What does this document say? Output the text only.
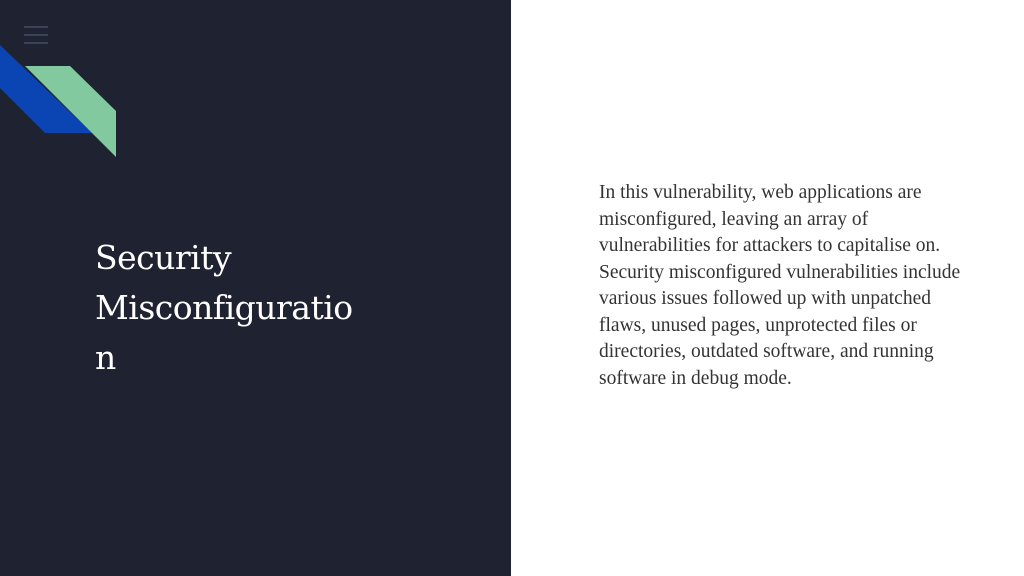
Security
Misconfiguratio
n

In this vulnerability, web applications are misconfigured, leaving an array of vulnerabilities for attackers to capitalise on. Security misconfigured vulnerabilities include various issues followed up with unpatched flaws, unused pages, unprotected files or directories, outdated software, and running software in debug mode.
